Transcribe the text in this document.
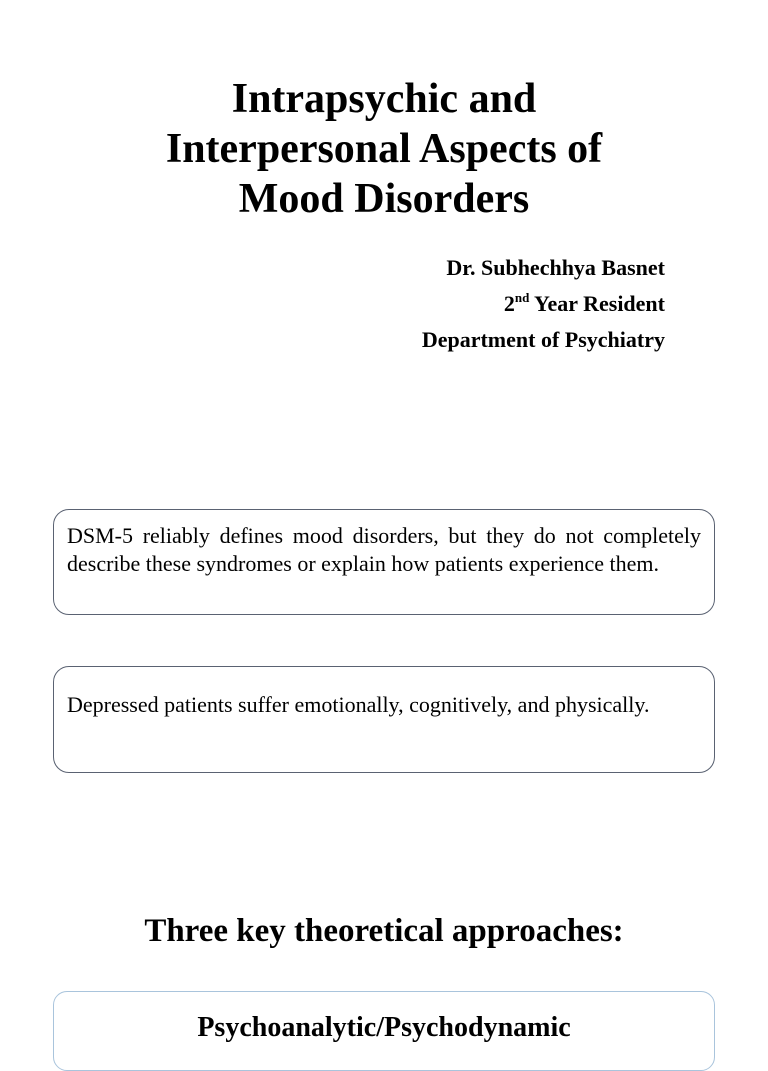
Intrapsychic and
Interpersonal Aspects of
Mood Disorders
Dr. Subhechhya Basnet
2nd Year Resident
Department of Psychiatry
DSM-5 reliably defines mood disorders, but they do not completely describe these syndromes or explain how patients experience them.
Depressed patients suffer emotionally, cognitively, and physically.
Three key theoretical approaches:
Psychoanalytic/Psychodynamic
